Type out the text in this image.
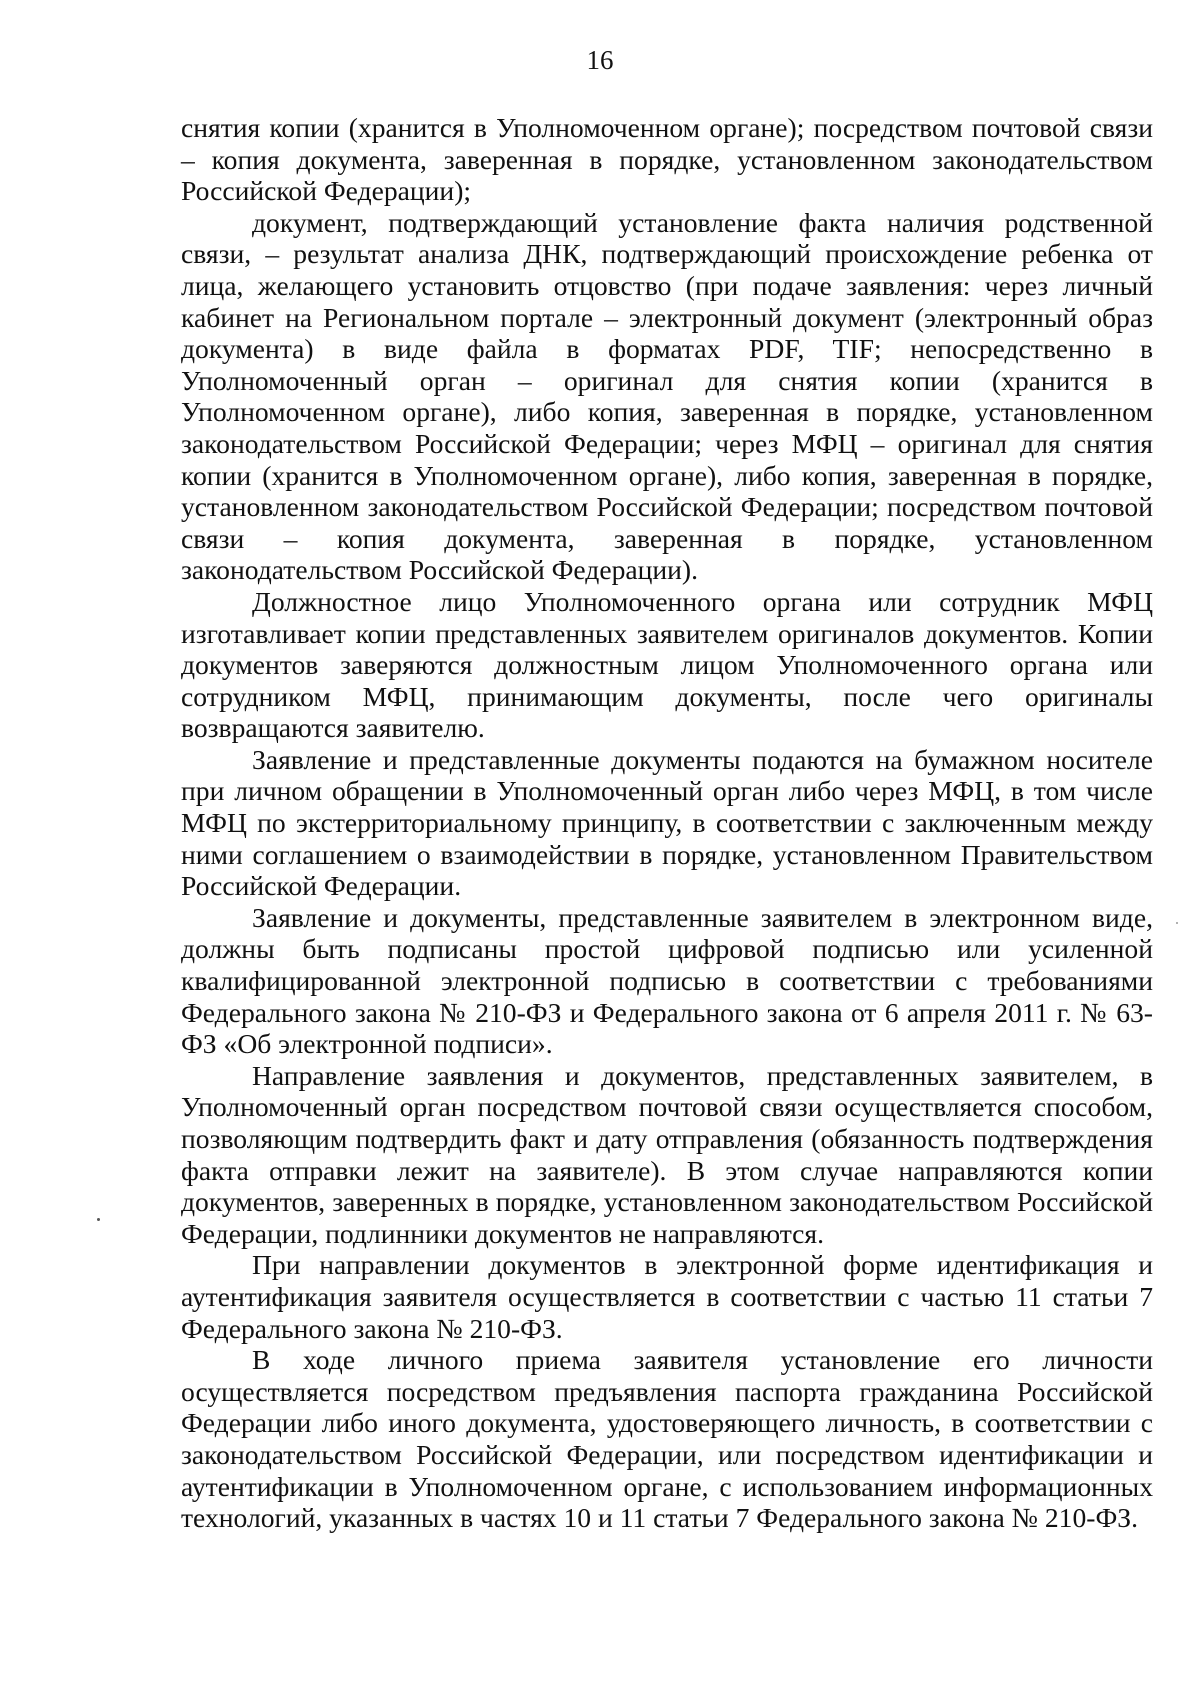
16

снятия копии (хранится в Уполномоченном органе); посредством почтовой связи – копия документа, заверенная в порядке, установленном законодательством Российской Федерации);

документ, подтверждающий установление факта наличия родственной связи, – результат анализа ДНК, подтверждающий происхождение ребенка от лица, желающего установить отцовство (при подаче заявления: через личный кабинет на Региональном портале – электронный документ (электронный образ документа) в виде файла в форматах PDF, TIF; непосредственно в Уполномоченный орган – оригинал для снятия копии (хранится в Уполномоченном органе), либо копия, заверенная в порядке, установленном законодательством Российской Федерации; через МФЦ – оригинал для снятия копии (хранится в Уполномоченном органе), либо копия, заверенная в порядке, установленном законодательством Российской Федерации; посредством почтовой связи – копия документа, заверенная в порядке, установленном законодательством Российской Федерации).

Должностное лицо Уполномоченного органа или сотрудник МФЦ изготавливает копии представленных заявителем оригиналов документов. Копии документов заверяются должностным лицом Уполномоченного органа или сотрудником МФЦ, принимающим документы, после чего оригиналы возвращаются заявителю.

Заявление и представленные документы подаются на бумажном носителе при личном обращении в Уполномоченный орган либо через МФЦ, в том числе МФЦ по экстерриториальному принципу, в соответствии с заключенным между ними соглашением о взаимодействии в порядке, установленном Правительством Российской Федерации.

Заявление и документы, представленные заявителем в электронном виде, должны быть подписаны простой цифровой подписью или усиленной квалифицированной электронной подписью в соответствии с требованиями Федерального закона № 210-ФЗ и Федерального закона от 6 апреля 2011 г. № 63-ФЗ «Об электронной подписи».

Направление заявления и документов, представленных заявителем, в Уполномоченный орган посредством почтовой связи осуществляется способом, позволяющим подтвердить факт и дату отправления (обязанность подтверждения факта отправки лежит на заявителе). В этом случае направляются копии документов, заверенных в порядке, установленном законодательством Российской Федерации, подлинники документов не направляются.

При направлении документов в электронной форме идентификация и аутентификация заявителя осуществляется в соответствии с частью 11 статьи 7 Федерального закона № 210-ФЗ.

В ходе личного приема заявителя установление его личности осуществляется посредством предъявления паспорта гражданина Российской Федерации либо иного документа, удостоверяющего личность, в соответствии с законодательством Российской Федерации, или посредством идентификации и аутентификации в Уполномоченном органе, с использованием информационных технологий, указанных в частях 10 и 11 статьи 7 Федерального закона № 210-ФЗ.
